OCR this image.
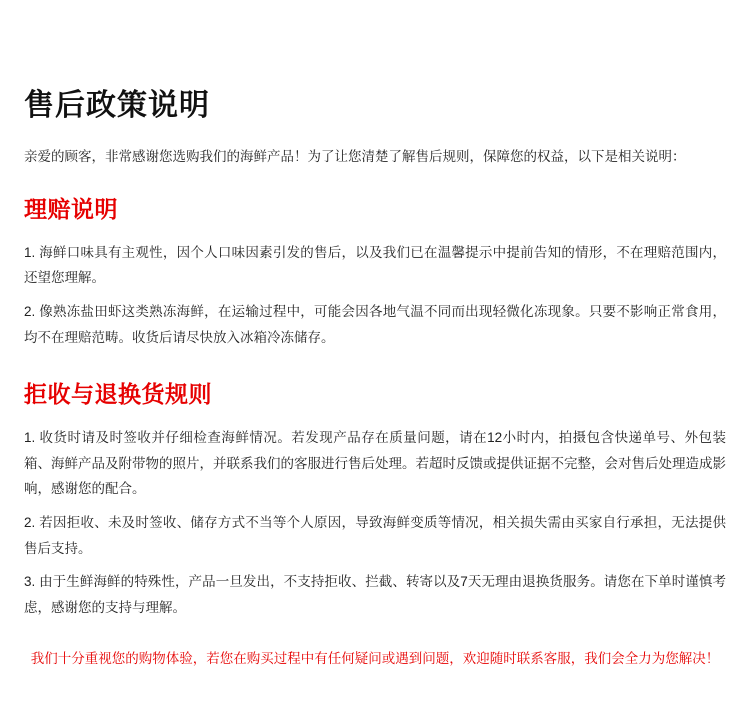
售后政策说明

亲爱的顾客，非常感谢您选购我们的海鲜产品！为了让您清楚了解售后规则，保障您的权益，以下是相关说明：

理赔说明
1. 海鲜口味具有主观性，因个人口味因素引发的售后，以及我们已在温馨提示中提前告知的情形，不在理赔范围内，还望您理解。
2. 像熟冻盐田虾这类熟冻海鲜，在运输过程中，可能会因各地气温不同而出现轻微化冻现象。只要不影响正常食用，均不在理赔范畴。收货后请尽快放入冰箱冷冻储存。
拒收与退换货规则
1. 收货时请及时签收并仔细检查海鲜情况。若发现产品存在质量问题，请在12小时内，拍摄包含快递单号、外包装箱、海鲜产品及附带物的照片，并联系我们的客服进行售后处理。若超时反馈或提供证据不完整，会对售后处理造成影响，感谢您的配合。
2. 若因拒收、未及时签收、储存方式不当等个人原因，导致海鲜变质等情况，相关损失需由买家自行承担，无法提供售后支持。
3. 由于生鲜海鲜的特殊性，产品一旦发出，不支持拒收、拦截、转寄以及7天无理由退换货服务。请您在下单时谨慎考虑，感谢您的支持与理解。
我们十分重视您的购物体验，若您在购买过程中有任何疑问或遇到问题，欢迎随时联系客服，我们会全力为您解决！
